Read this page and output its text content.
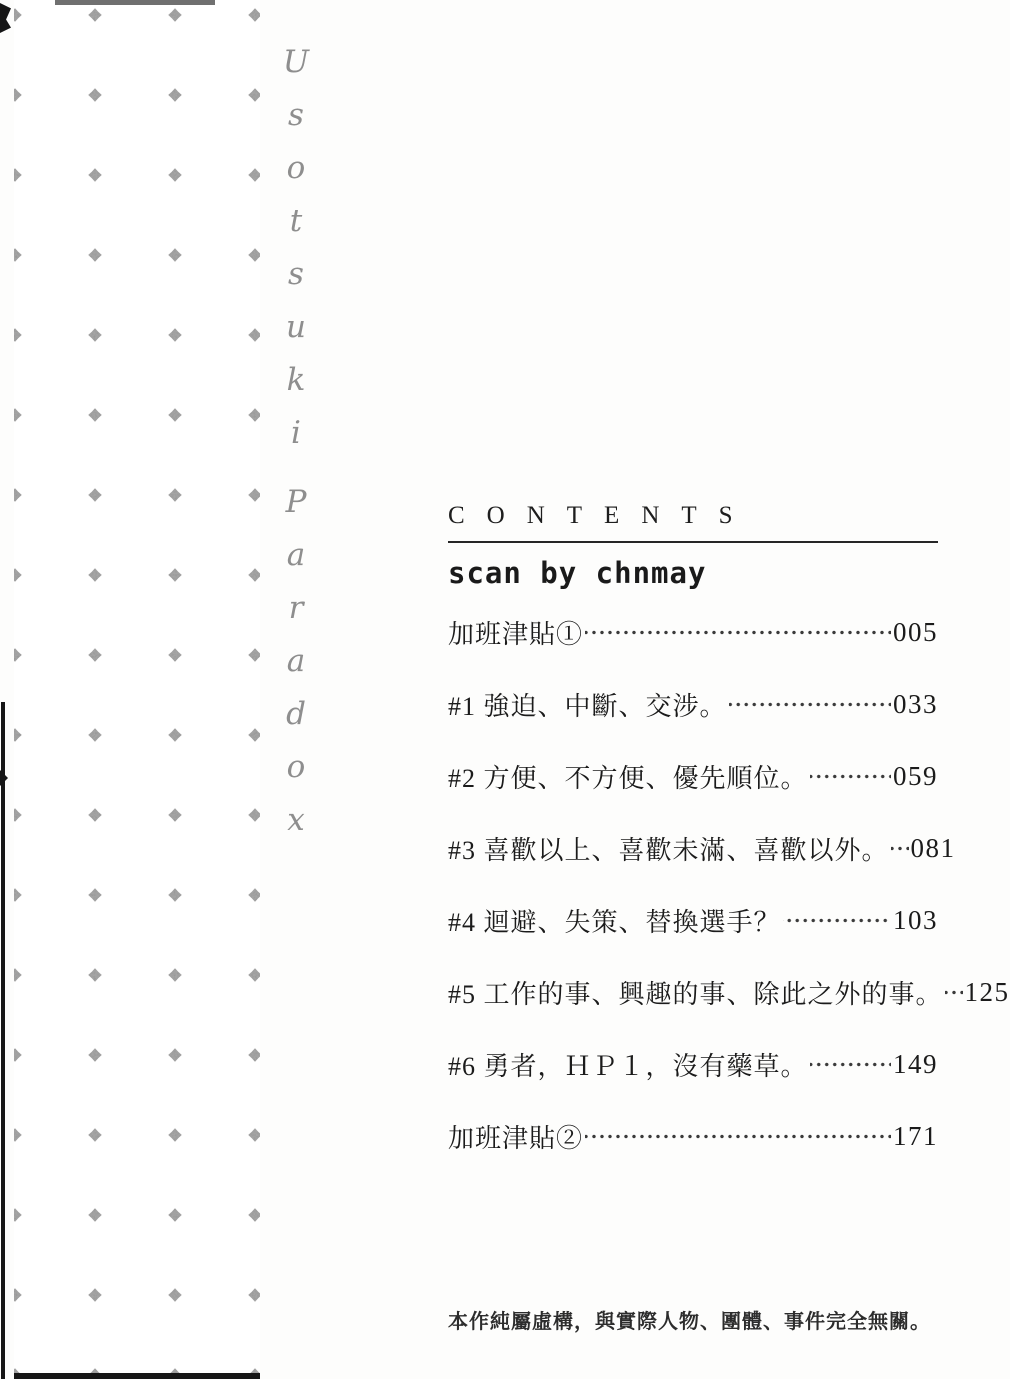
U
s
o
t
s
u
k
i
P
a
r
a
d
o
x
CONTENTS
scan by chnmay
加班津貼①	005
#1 強迫、中斷、交涉。	033
#2 方便、不方便、優先順位。	059
#3 喜歡以上、喜歡未滿、喜歡以外。 081
#4 迴避、失策、替換選手？	103
#5 工作的事、興趣的事、除此之外的事。 125
#6 勇者，ＨＰ１，沒有藥草。	149
加班津貼②	171
本作純屬虛構，與實際人物、團體、事件完全無關。
